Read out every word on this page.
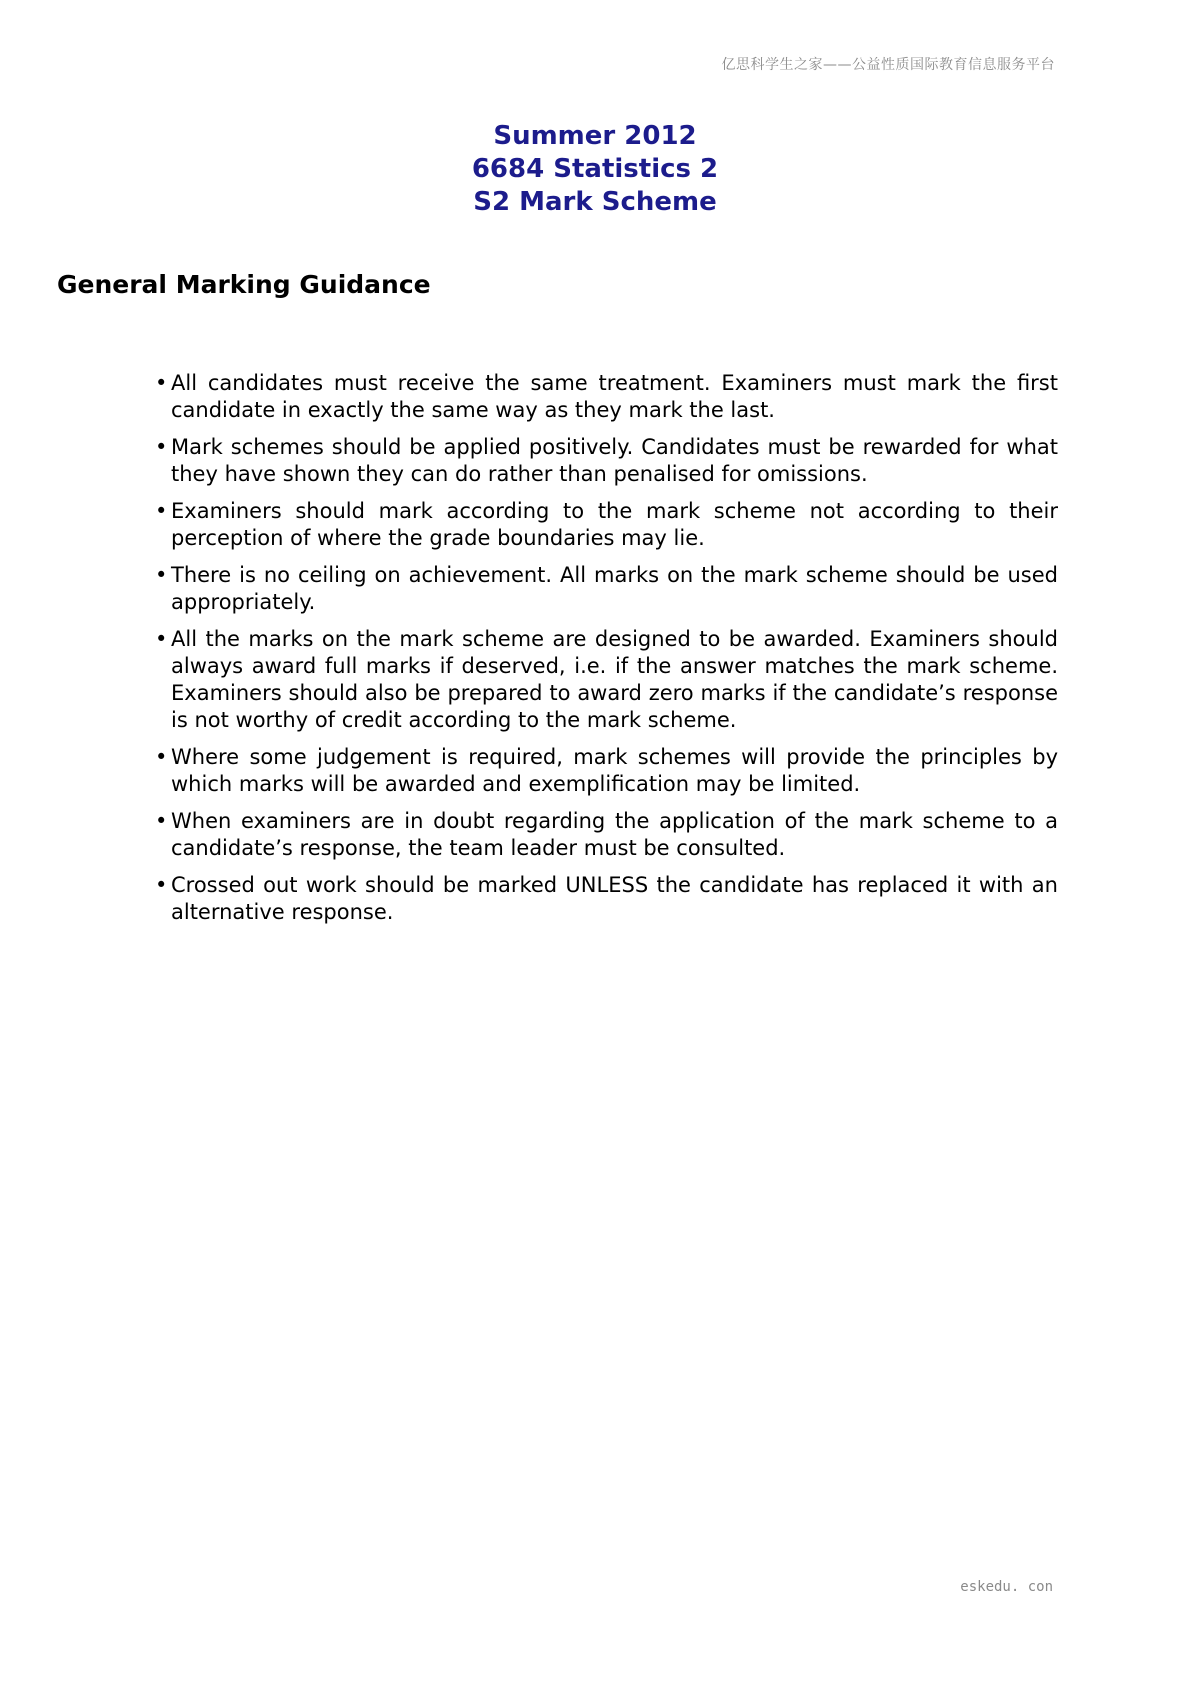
亿思科学生之家——公益性质国际教育信息服务平台
Summer 2012
6684 Statistics 2
S2 Mark Scheme
General Marking Guidance
• All candidates must receive the same treatment. Examiners must mark the first candidate in exactly the same way as they mark the last.
• Mark schemes should be applied positively. Candidates must be rewarded for what they have shown they can do rather than penalised for omissions.
• Examiners should mark according to the mark scheme not according to their perception of where the grade boundaries may lie.
• There is no ceiling on achievement. All marks on the mark scheme should be used appropriately.
• All the marks on the mark scheme are designed to be awarded. Examiners should always award full marks if deserved, i.e. if the answer matches the mark scheme. Examiners should also be prepared to award zero marks if the candidate’s response is not worthy of credit according to the mark scheme.
• Where some judgement is required, mark schemes will provide the principles by which marks will be awarded and exemplification may be limited.
• When examiners are in doubt regarding the application of the mark scheme to a candidate’s response, the team leader must be consulted.
• Crossed out work should be marked UNLESS the candidate has replaced it with an alternative response.
eskedu. con
